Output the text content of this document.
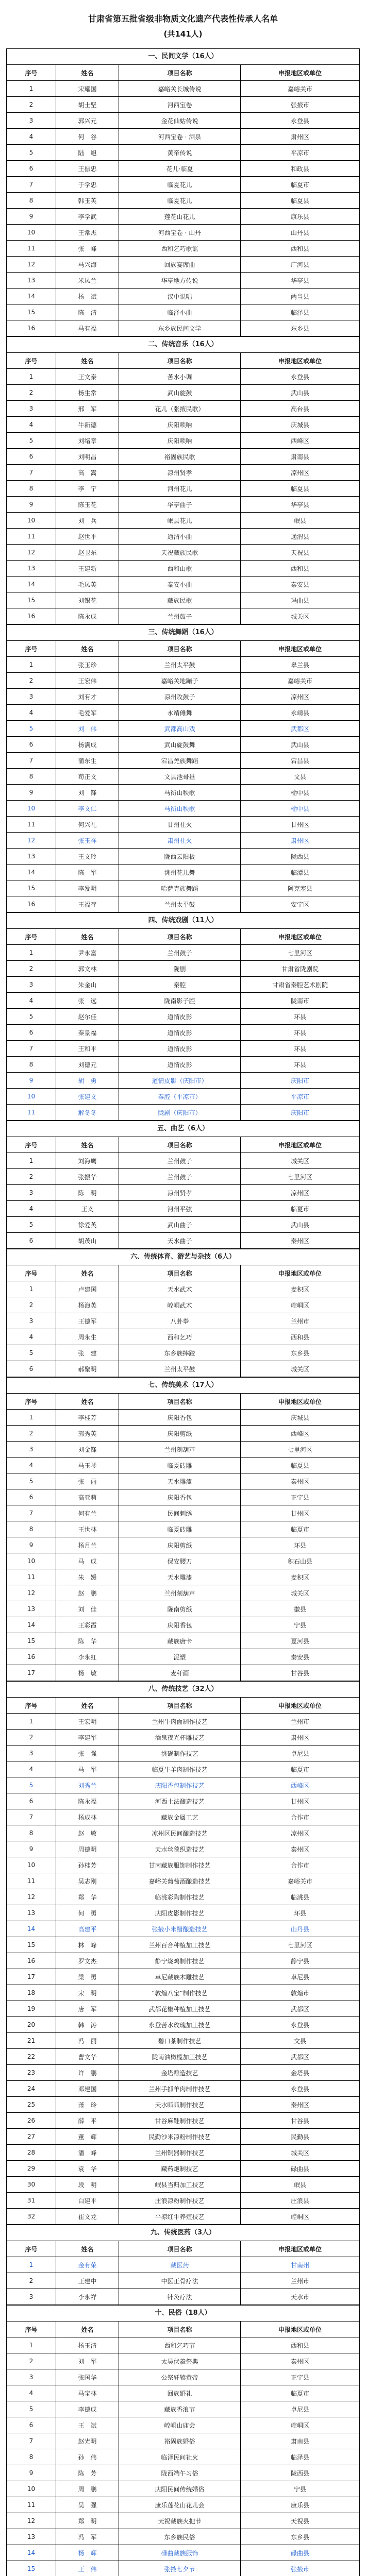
甘肃省第五批省级非物质文化遗产代表性传承人名单
(共141人)
一、民间文学（16人）
序号	姓名	项目名称	申报地区或单位
1	宋耀国	嘉峪关长城传说	嘉峪关市
2	胡士坚	河西宝卷	张掖市
3	郭兴元	金花仙姑传说	永登县
4	何　谷	河西宝卷 · 酒泉	肃州区
5	陆　旭	黄帝传说	平凉市
6	王振忠	花儿·临夏	和政县
7	于学忠	临夏花儿	临夏市
8	韩玉英	临夏花儿	临夏县
9	李学武	莲花山花儿	康乐县
10	王常杰	河西宝卷 · 山丹	山丹县
11	张　峰	西和乞巧歌谣	西和县
12	马兴海	回族宴席曲	广河县
13	米凤兰	华亭地方传说	华亭县
14	杨　斌	汉中说唱	两当县
15	陈　清	临泽小曲	临泽县
16	马有福	东乡族民间文学	东乡县
二、传统音乐（16人）
序号	姓名	项目名称	申报地区或单位
1	王文泰	苦水小调	永登县
2	杨生常	武山旋鼓	武山县
3	邢　军	花儿（张掖民歌）	高台县
4	牛新德	庆阳唢呐	庆城县
5	刘绪章	庆阳唢呐	西峰区
6	刘明昌	裕固族民歌	肃南县
7	高　嵩	凉州贤孝	凉州区
8	李　宁	河州花儿	临夏县
9	陈玉花	华亭曲子	华亭县
10	刘　兵	岷县花儿	岷县
11	赵世平	通渭小曲	通渭县
12	赵卫东	天祝藏族民歌	天祝县
13	王建新	西和山歌	西和县
14	毛凤英	秦安小曲	秦安县
15	刘银花	藏族民歌	玛曲县
16	陈永成	兰州鼓子	城关区
三、传统舞蹈（16人）
序号	姓名	项目名称	申报地区或单位
1	张玉珍	兰州太平鼓	皋兰县
2	王宏伟	嘉峪关地蹦子	嘉峪关市
3	刘有才	凉州攻鼓子	凉州区
4	毛爱军	永靖傩舞	永靖县
5	刘　伟	武都高山戏	武都区
6	杨满成	武山旋鼓舞	武山县
7	蒲东生	宕昌羌族舞蹈	宕昌县
8	苟正文	文县池哥昼	文县
9	刘　锋	马衔山秧歌	榆中县
10	李文仁	马衔山秧歌	榆中县
11	何兴礼	甘州社火	甘州区
12	张玉祥	肃州社火	肃州区
13	王文玲	陇西云阳板	陇西县
14	陈　军	洮州花儿舞	临潭县
15	李发明	哈萨克族舞蹈	阿克塞县
16	王福存	兰州太平鼓	安宁区
四、传统戏剧（11人）
序号	姓名	项目名称	申报地区或单位
1	尹永富	兰州鼓子	七里河区
2	郭文林	陇剧	甘肃省陇剧院
3	朱金山	秦腔	甘肃省秦腔艺术剧院
4	张　远	陇南影子腔	陇南市
5	赵尔佳	道情皮影	环县
6	秦景福	道情皮影	环县
7	王和平	道情皮影	环县
8	刘德元	道情皮影	环县
9	胡　勇	道情皮影（庆阳市）	庆阳市
10	张建文	秦腔（平凉市）	平凉市
11	解冬冬	陇剧（庆阳市）	庆阳市
五、曲艺（6人）
序号	姓名	项目名称	申报地区或单位
1	刘海鹰	兰州鼓子	城关区
2	张振华	兰州鼓子	七里河区
3	陈　明	凉州贤孝	凉州区
4	王义	河州平弦	临夏市
5	徐爱英	武山曲子	武山县
6	胡茂山	天水曲子	秦州区
六、传统体育、游艺与杂技（6人）
序号	姓名	项目名称	申报地区或单位
1	卢建国	天水武术	麦积区
2	杨海英	崆峒武术	崆峒区
3	王德军	八卦拳	兰州市
4	周永生	西和乞巧	西和县
5	张　建	东乡族摔跤	东乡县
6	郝聚明	兰州太平鼓	城关区
七、传统美术（17人）
序号	姓名	项目名称	申报地区或单位
1	李桂芳	庆阳香包	庆城县
2	郭秀英	庆阳剪纸	西峰区
3	刘金锋	兰州刻葫芦	七里河区
4	马玉琴	临夏砖雕	临夏县
5	张　丽	天水雕漆	秦州区
6	高亚莉	庆阳香包	正宁县
7	何有兰	民间刺绣	甘州区
8	王世林	临夏砖雕	临夏市
9	杨月兰	庆阳剪纸	环县
10	马　成	保安腰刀	积石山县
11	朱　媛	天水雕漆	麦积区
12	赵　鹏	兰州刻葫芦	城关区
13	刘　佳	陇南剪纸	徽县
14	王彩霞	庆阳香包	宁县
15	陈　华	藏族唐卡	夏河县
16	李永红	泥塑	秦安县
17	杨　敏	麦秆画	甘谷县
八、传统技艺（32人）
序号	姓名	项目名称	申报地区或单位
1	王宏明	兰州牛肉面制作技艺	兰州市
2	李建军	酒泉夜光杯雕技艺	肃州区
3	张　强	洮砚制作技艺	卓尼县
4	马　军	临夏牛羊肉制作技艺	临夏市
5	刘秀兰	庆阳香包制作技艺	西峰区
6	陈永福	河西土法酿造技艺	甘州区
7	杨成林	藏族金属工艺	合作市
8	赵　敏	凉州区民间酿造技艺	凉州区
9	周德明	天水丝毯织造技艺	秦州区
10	孙桂芳	甘南藏族服饰制作技艺	合作市
11	吴志刚	嘉峪关葡萄酒酿造技艺	嘉峪关市
12	郑　华	临洮彩陶制作技艺	临洮县
13	何　勇	庆阳皮影制作技艺	环县
14	高建平	张掖小米醋酿造技艺	山丹县
15	林　峰	兰州百合种植加工技艺	七里河区
16	罗文杰	静宁烧鸡制作技艺	静宁县
17	梁　勇	卓尼藏族木雕技艺	卓尼县
18	宋　明	“敦煌八宝”制作技艺	敦煌市
19	唐　军	武都花椒种植加工技艺	武都区
20	韩　涛	永登苦水玫瑰加工技艺	永登县
21	冯　丽	碧口茶制作技艺	文县
22	曹文华	陇南油橄榄加工技艺	武都区
23	许　鹏	金塔酿造技艺	金塔县
24	邓建国	兰州手抓羊肉制作技艺	永登县
25	萧　玲	天水呱呱制作技艺	秦州区
26	薛　平	甘谷麻鞋制作技艺	甘谷县
27	董　辉	民勤沙米凉粉制作技艺	民勤县
28	潘　峰	兰州铜器制作技艺	城关区
29	袁　华	藏药炮制技艺	碌曲县
30	段　明	岷县当归加工技艺	岷县
31	白建平	庄浪凉粉制作技艺	庄浪县
32	崔文龙	平凉红牛养殖技艺	崆峒区
九、传统医药（3人）
序号	姓名	项目名称	申报地区或单位
1	金有荣	藏医药	甘南州
2	王建中	中医正骨疗法	兰州市
3	李永祥	针灸疗法	天水市
十、民俗（18人）
序号	姓名	项目名称	申报地区或单位
1	杨玉清	西和乞巧节	西和县
2	刘　军	太昊伏羲祭典	秦州区
3	张国华	公祭轩辕黄帝	正宁县
4	马宝林	回族婚礼	临夏市
5	李德成	藏族香浪节	卓尼县
6	王　斌	崆峒山庙会	崆峒区
7	赵光明	裕固族婚俗	肃南县
8	孙　伟	临泽民间社火	临泽县
9	陈　芳	陇西端午习俗	陇西县
10	周　鹏	庆阳民间传统婚俗	宁县
11	吴　强	康乐莲花山花儿会	康乐县
12	郑　明	天祝藏族火把节	天祝县
13	冯　军	东乡族民俗	东乡县
14	杨　辉	碌曲藏族服饰	碌曲县
15	王　伟	张掖七夕节	张掖市
